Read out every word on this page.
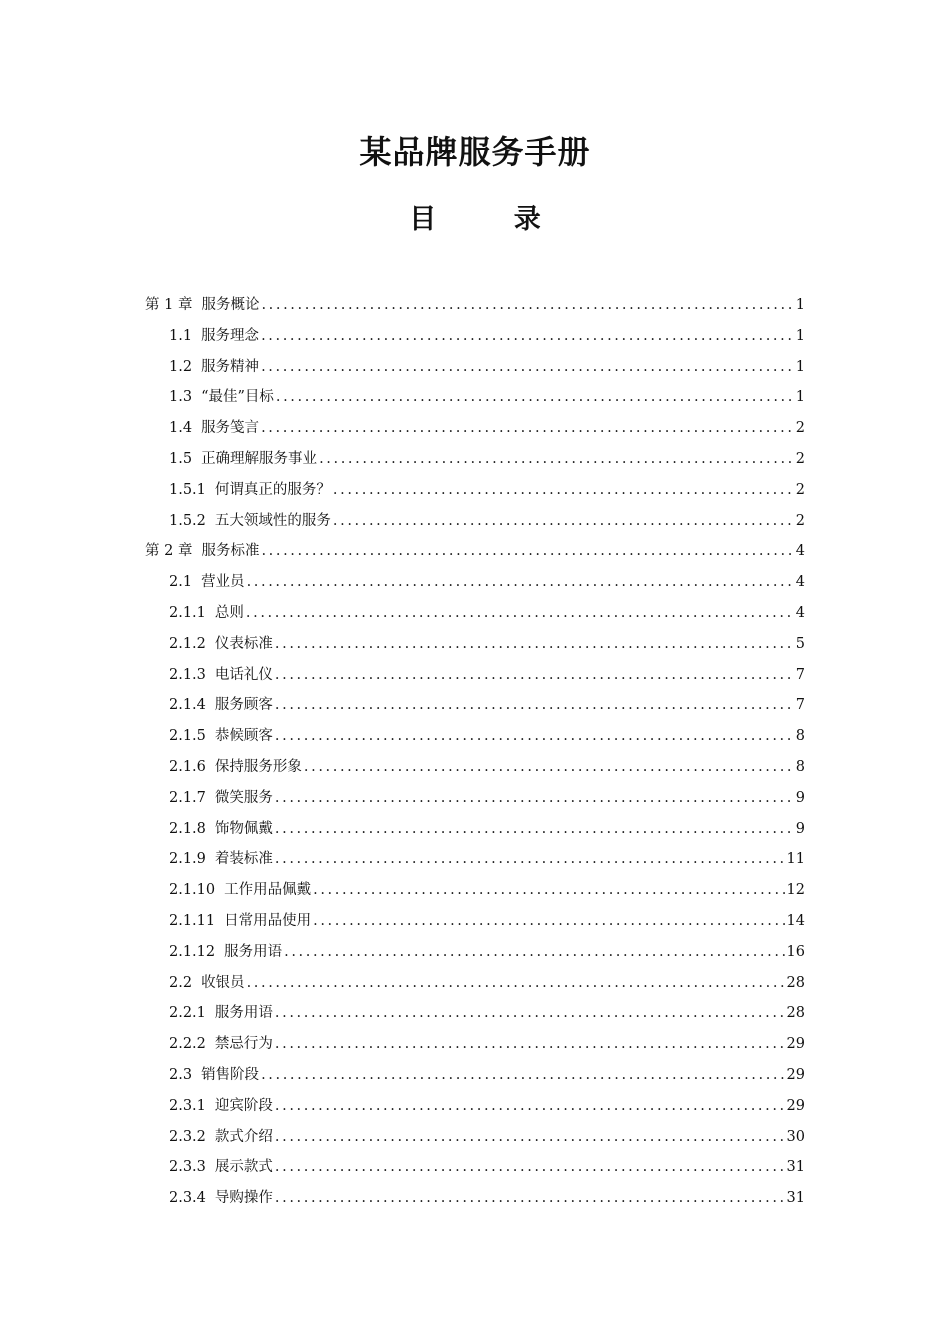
某品牌服务手册
目 录
第 1 章 服务概论 .....	1
1.1 服务理念 .....	1
1.2 服务精神 .....	1
1.3 “最佳”目标 .....	1
1.4 服务笺言 .....	2
1.5 正确理解服务事业 .....	2
1.5.1 何谓真正的服务？ .....	2
1.5.2 五大领域性的服务 .....	2
第 2 章 服务标准 .....	4
2.1 营业员 .....	4
2.1.1 总则 .....	4
2.1.2 仪表标准 .....	5
2.1.3 电话礼仪 .....	7
2.1.4 服务顾客 .....	7
2.1.5 恭候顾客 .....	8
2.1.6 保持服务形象 .....	8
2.1.7 微笑服务 .....	9
2.1.8 饰物佩戴 .....	9
2.1.9 着装标准 .....	11
2.1.10 工作用品佩戴 .....	12
2.1.11 日常用品使用 .....	14
2.1.12 服务用语 .....	16
2.2 收银员 .....	28
2.2.1 服务用语 .....	28
2.2.2 禁忌行为 .....	29
2.3 销售阶段 .....	29
2.3.1 迎宾阶段 .....	29
2.3.2 款式介绍 .....	30
2.3.3 展示款式 .....	31
2.3.4 导购操作 .....	31
